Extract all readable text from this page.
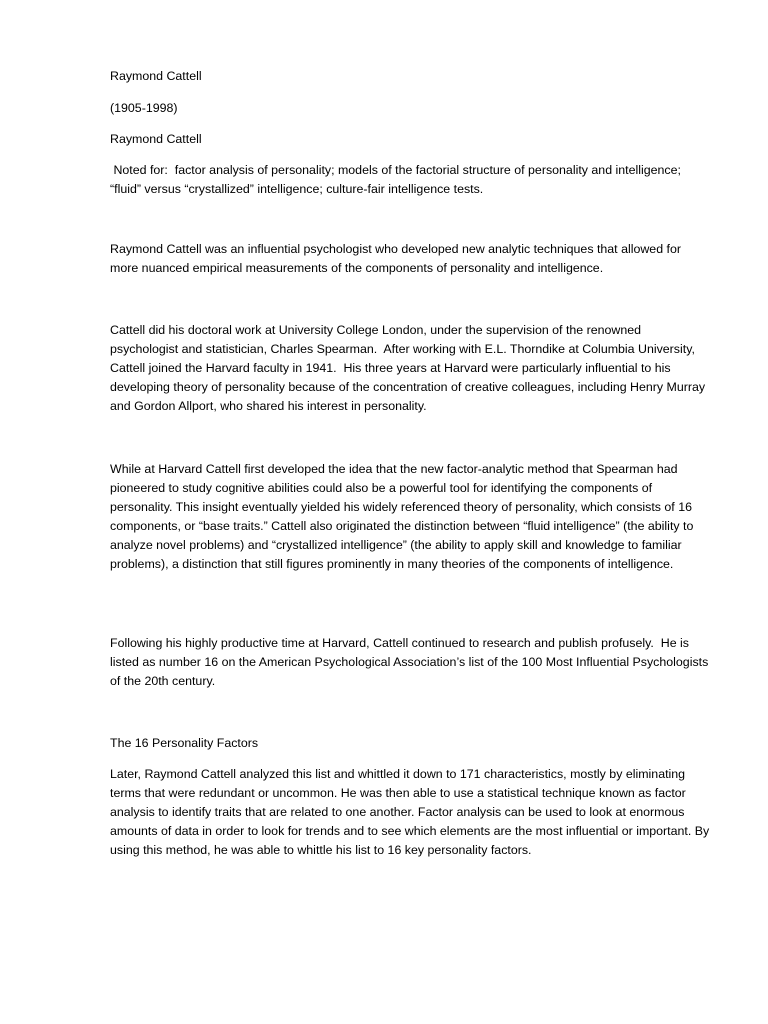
Raymond Cattell

(1905-1998)

Raymond Cattell

Noted for:  factor analysis of personality; models of the factorial structure of personality and intelligence; “fluid” versus “crystallized” intelligence; culture-fair intelligence tests.

Raymond Cattell was an influential psychologist who developed new analytic techniques that allowed for more nuanced empirical measurements of the components of personality and intelligence.

Cattell did his doctoral work at University College London, under the supervision of the renowned psychologist and statistician, Charles Spearman.  After working with E.L. Thorndike at Columbia University, Cattell joined the Harvard faculty in 1941.  His three years at Harvard were particularly influential to his developing theory of personality because of the concentration of creative colleagues, including Henry Murray and Gordon Allport, who shared his interest in personality.

While at Harvard Cattell first developed the idea that the new factor-analytic method that Spearman had pioneered to study cognitive abilities could also be a powerful tool for identifying the components of personality. This insight eventually yielded his widely referenced theory of personality, which consists of 16 components, or “base traits.” Cattell also originated the distinction between “fluid intelligence” (the ability to analyze novel problems) and “crystallized intelligence” (the ability to apply skill and knowledge to familiar problems), a distinction that still figures prominently in many theories of the components of intelligence.

Following his highly productive time at Harvard, Cattell continued to research and publish profusely.  He is listed as number 16 on the American Psychological Association’s list of the 100 Most Influential Psychologists of the 20th century.

The 16 Personality Factors

Later, Raymond Cattell analyzed this list and whittled it down to 171 characteristics, mostly by eliminating terms that were redundant or uncommon. He was then able to use a statistical technique known as factor analysis to identify traits that are related to one another. Factor analysis can be used to look at enormous amounts of data in order to look for trends and to see which elements are the most influential or important. By using this method, he was able to whittle his list to 16 key personality factors.
